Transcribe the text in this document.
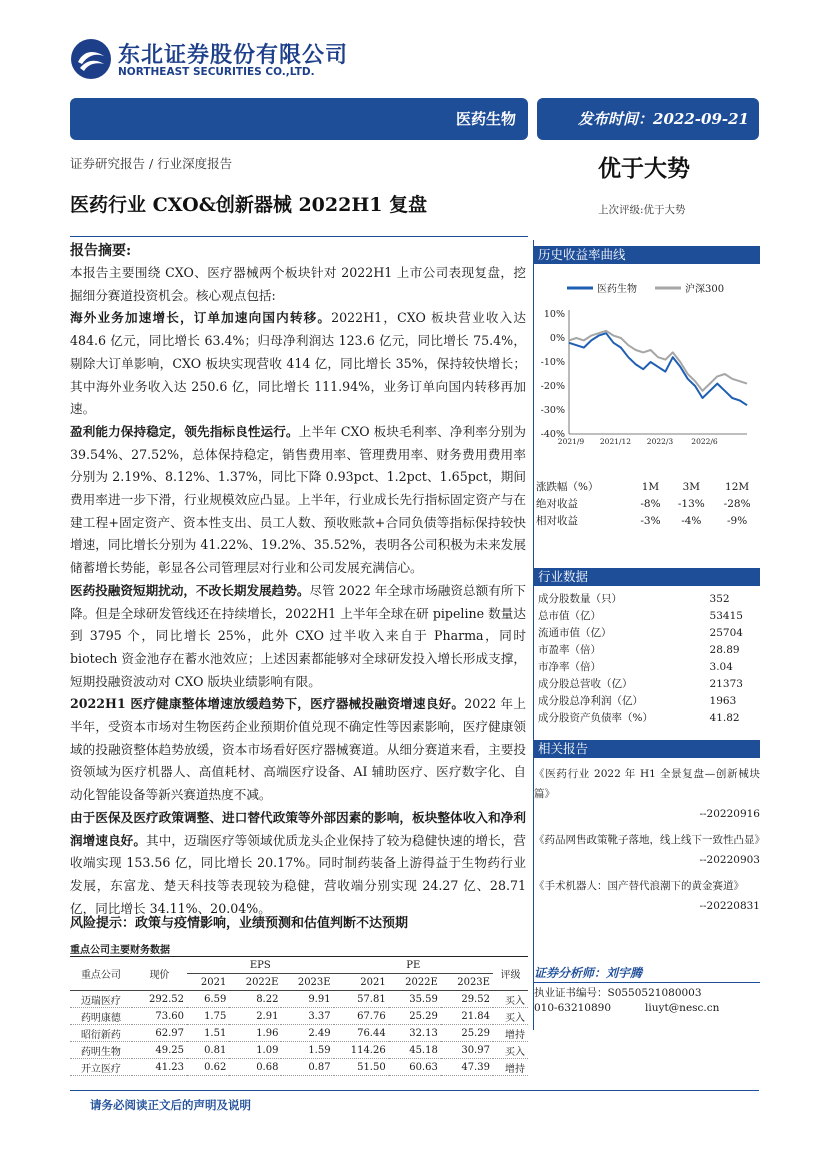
东北证券股份有限公司
NORTHEAST SECURITIES CO.,LTD.
医药生物	发布时间：2022-09-21
证券研究报告 / 行业深度报告	优于大势
上次评级:优于大势
医药行业 CXO&创新器械 2022H1 复盘
报告摘要:

本报告主要围绕 CXO、医疗器械两个板块针对 2022H1 上市公司表现复盘，挖掘细分赛道投资机会。核心观点包括:

海外业务加速增长，订单加速向国内转移。2022H1，CXO 板块营业收入达 484.6 亿元，同比增长 63.4%；归母净利润达 123.6 亿元，同比增长 75.4%，剔除大订单影响，CXO 板块实现营收 414 亿，同比增长 35%，保持较快增长；其中海外业务收入达 250.6 亿，同比增长 111.94%，业务订单向国内转移再加速。

盈利能力保持稳定，领先指标良性运行。上半年 CXO 板块毛利率、净利率分别为 39.54%、27.52%，总体保持稳定，销售费用率、管理费用率、财务费用费用率分别为 2.19%、8.12%、1.37%，同比下降 0.93pct、1.2pct、1.65pct，期间费用率进一步下滑，行业规模效应凸显。上半年，行业成长先行指标固定资产与在建工程+固定资产、资本性支出、员工人数、预收账款+合同负债等指标保持较快增速，同比增长分别为 41.22%、19.2%、35.52%，表明各公司积极为未来发展储蓄增长势能，彰显各公司管理层对行业和公司发展充满信心。

医药投融资短期扰动，不改长期发展趋势。尽管 2022 年全球市场融资总额有所下降。但是全球研发管线还在持续增长，2022H1 上半年全球在研 pipeline 数量达到 3795 个，同比增长 25%，此外 CXO 过半收入来自于 Pharma，同时 biotech 资金池存在蓄水池效应；上述因素都能够对全球研发投入增长形成支撑，短期投融资波动对 CXO 版块业绩影响有限。

2022H1 医疗健康整体增速放缓趋势下，医疗器械投融资增速良好。2022 年上半年，受资本市场对生物医药企业预期价值兑现不确定性等因素影响，医疗健康领域的投融资整体趋势放缓，资本市场看好医疗器械赛道。从细分赛道来看，主要投资领域为医疗机器人、高值耗材、高端医疗设备、AI 辅助医疗、医疗数字化、自动化智能设备等新兴赛道热度不减。

由于医保及医疗政策调整、进口替代政策等外部因素的影响，板块整体收入和净利润增速良好。其中，迈瑞医疗等领域优质龙头企业保持了较为稳健快速的增长，营收端实现 153.56 亿，同比增长 20.17%。同时制药装备上游得益于生物药行业发展，东富龙、楚天科技等表现较为稳健，营收端分别实现 24.27 亿、28.71 亿，同比增长 34.11%、20.04%。

风险提示：政策与疫情影响，业绩预测和估值判断不达预期
历史收益率曲线
医药生物	沪深300
10%
0%
-10%
-20%
-30%
-40%
2021/9 2021/12 2022/3 2022/6
涨跌幅（%）	1M	3M	12M
绝对收益	-8%	-13%	-28%
相对收益	-3%	-4%	-9%
行业数据
成分股数量（只）	352
总市值（亿）	53415
流通市值（亿）	25704
市盈率（倍）	28.89
市净率（倍）	3.04
成分股总营收（亿）	21373
成分股总净利润（亿）	1963
成分股资产负债率（%）	41.82
相关报告
《医药行业 2022 年 H1 全景复盘—创新械块篇》
--20220916
《药品网售政策靴子落地，线上线下一致性凸显》
--20220903
《手术机器人：国产替代浪潮下的黄金赛道》
--20220831
证券分析师：刘宇腾
执业证书编号：S0550521080003
010-63210890	liuyt@nesc.cn
重点公司主要财务数据
重点公司	现价	EPS			PE			评级
		2021	2022E	2023E	2021	2022E	2023E	
迈瑞医疗	292.52	6.59	8.22	9.91	57.81	35.59	29.52	买入
药明康德	73.60	1.75	2.91	3.37	67.76	25.29	21.84	买入
昭衍新药	62.97	1.51	1.96	2.49	76.44	32.13	25.29	增持
药明生物	49.25	0.81	1.09	1.59	114.26	45.18	30.97	买入
开立医疗	41.23	0.62	0.68	0.87	51.50	60.63	47.39	增持
请务必阅读正文后的声明及说明
